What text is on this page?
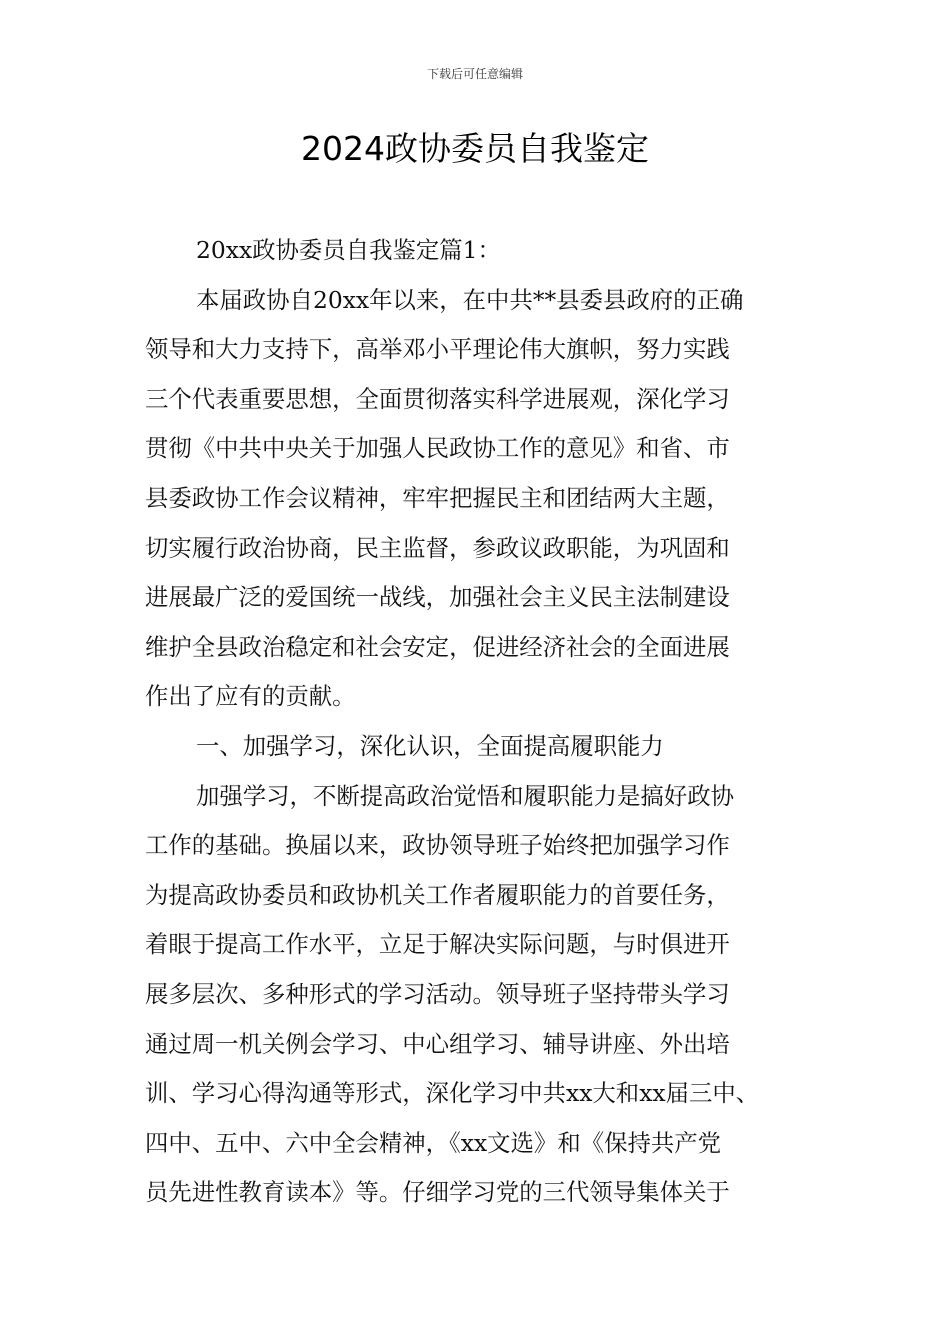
下载后可任意编辑
2024政协委员自我鉴定
20xx政协委员自我鉴定篇1：
本届政协自20xx年以来，在中共**县委县政府的正确
领导和大力支持下，高举邓小平理论伟大旗帜，努力实践
三个代表重要思想，全面贯彻落实科学进展观，深化学习
贯彻《中共中央关于加强人民政协工作的意见》和省、市
县委政协工作会议精神，牢牢把握民主和团结两大主题，
切实履行政治协商，民主监督，参政议政职能，为巩固和
进展最广泛的爱国统一战线，加强社会主义民主法制建设
维护全县政治稳定和社会安定，促进经济社会的全面进展
作出了应有的贡献。
一、加强学习，深化认识，全面提高履职能力
加强学习，不断提高政治觉悟和履职能力是搞好政协
工作的基础。换届以来，政协领导班子始终把加强学习作
为提高政协委员和政协机关工作者履职能力的首要任务，
着眼于提高工作水平，立足于解决实际问题，与时俱进开
展多层次、多种形式的学习活动。领导班子坚持带头学习
通过周一机关例会学习、中心组学习、辅导讲座、外出培
训、学习心得沟通等形式，深化学习中共xx大和xx届三中、
四中、五中、六中全会精神，《xx文选》和《保持共产党
员先进性教育读本》等。仔细学习党的三代领导集体关于
